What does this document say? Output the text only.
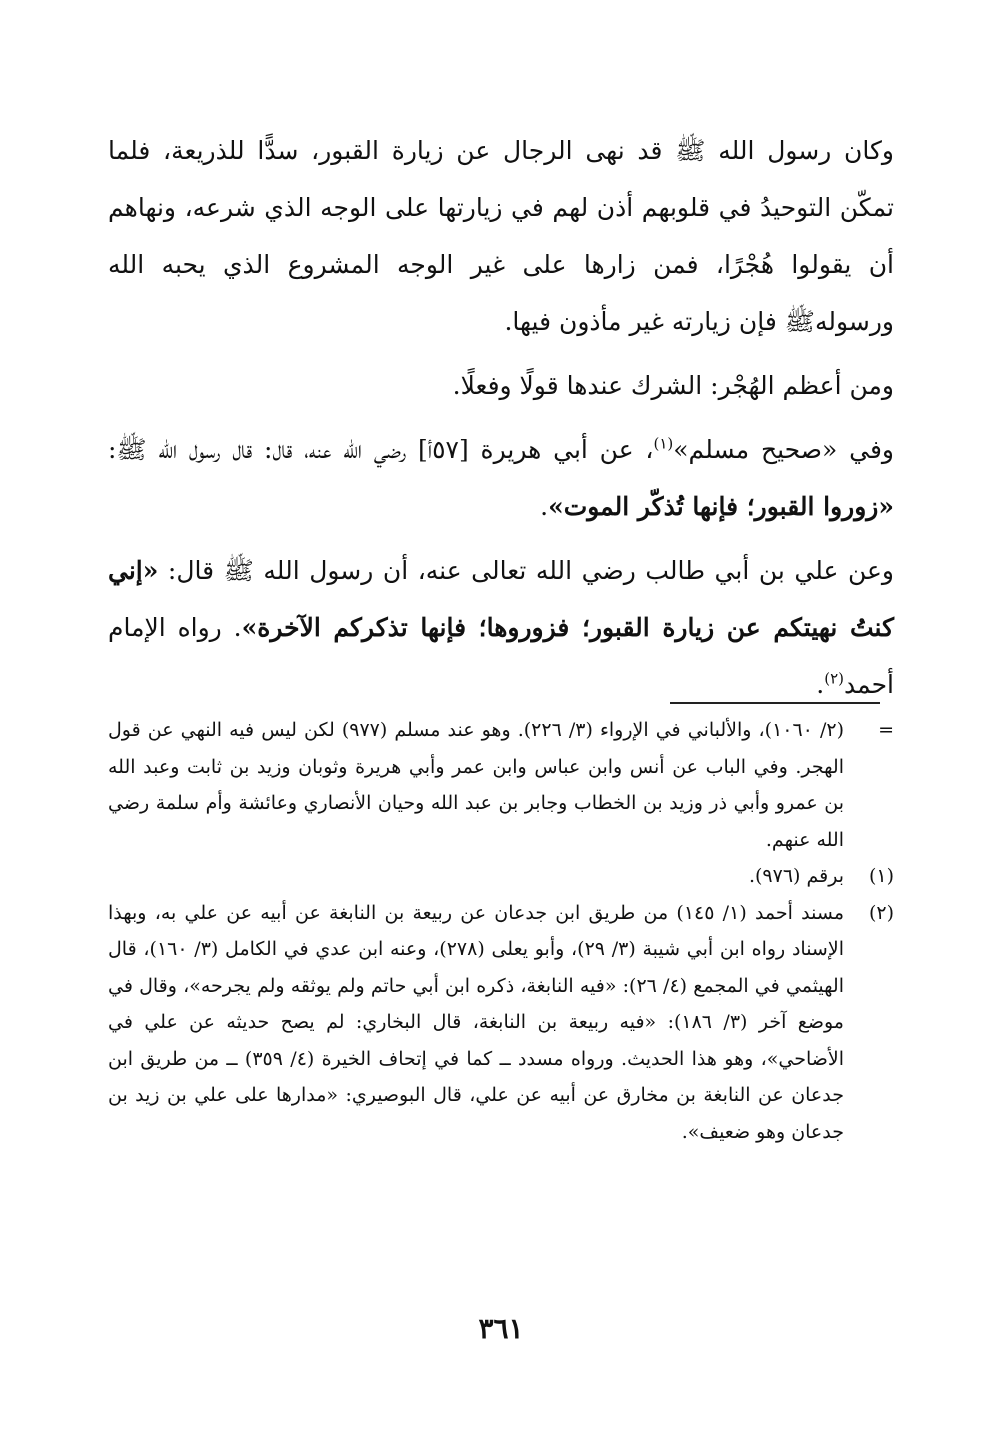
وكان رسول الله ﷺ قد نهى الرجال عن زيارة القبور، سدًّا للذريعة، فلما تمكّن التوحيدُ في قلوبهم أذن لهم في زيارتها على الوجه الذي شرعه، ونهاهم أن يقولوا هُجْرًا، فمن زارها على غير الوجه المشروع الذي يحبه الله ورسولهﷺ فإن زيارته غير مأذون فيها.

ومن أعظم الهُجْر: الشرك عندها قولًا وفعلًا.

وفي «صحيح مسلم»$^{(١)}$، عن أبي هريرة [٥٧أ] رضي الله عنه، قال: قال رسول الله ﷺ: «زوروا القبور؛ فإنها تُذكّر الموت».

وعن علي بن أبي طالب رضي الله تعالى عنه، أن رسول الله ﷺ قال: «إني كنتُ نهيتكم عن زيارة القبور؛ فزوروها؛ فإنها تذكركم الآخرة». رواه الإمام أحمد$^{(٢)}$.

=
(٢/ ١٠٦٠)، والألباني في الإرواء (٣/ ٢٢٦). وهو عند مسلم (٩٧٧) لكن ليس فيه النهي عن قول الهجر. وفي الباب عن أنس وابن عباس وابن عمر وأبي هريرة وثوبان وزيد بن ثابت وعبد الله بن عمرو وأبي ذر وزيد بن الخطاب وجابر بن عبد الله وحيان الأنصاري وعائشة وأم سلمة رضي الله عنهم.

(١)
برقم (٩٧٦).

(٢)
مسند أحمد (١/ ١٤٥) من طريق ابن جدعان عن ربيعة بن النابغة عن أبيه عن علي به، وبهذا الإسناد رواه ابن أبي شيبة (٣/ ٢٩)، وأبو يعلى (٢٧٨)، وعنه ابن عدي في الكامل (٣/ ١٦٠)، قال الهيثمي في المجمع (٤/ ٢٦): «فيه النابغة، ذكره ابن أبي حاتم ولم يوثقه ولم يجرحه»، وقال في موضع آخر (٣/ ١٨٦): «فيه ربيعة بن النابغة، قال البخاري: لم يصح حديثه عن علي في الأضاحي»، وهو هذا الحديث. ورواه مسدد ــ كما في إتحاف الخيرة (٤/ ٣٥٩) ــ من طريق ابن جدعان عن النابغة بن مخارق عن أبيه عن علي، قال البوصيري: «مدارها على علي بن زيد بن جدعان وهو ضعيف».

٣٦١
